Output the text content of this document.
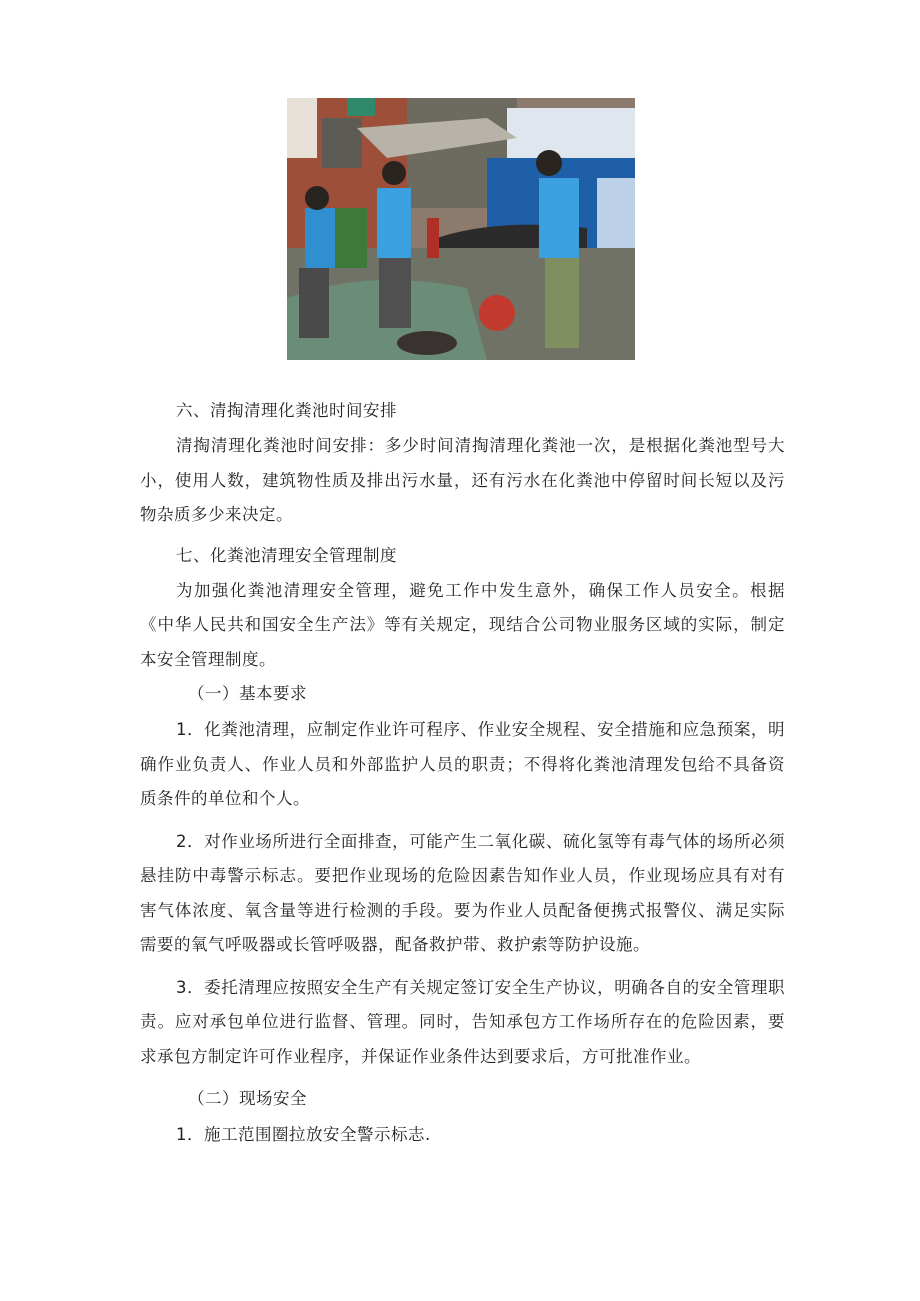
六、清掏清理化粪池时间安排

清掏清理化粪池时间安排：多少时间清掏清理化粪池一次，是根据化粪池型号大小，使用人数，建筑物性质及排出污水量，还有污水在化粪池中停留时间长短以及污物杂质多少来决定。

七、化粪池清理安全管理制度

为加强化粪池清理安全管理，避免工作中发生意外，确保工作人员安全。根据《中华人民共和国安全生产法》等有关规定，现结合公司物业服务区域的实际，制定本安全管理制度。

（一）基本要求

1．化粪池清理，应制定作业许可程序、作业安全规程、安全措施和应急预案，明确作业负责人、作业人员和外部监护人员的职责；不得将化粪池清理发包给不具备资质条件的单位和个人。

2．对作业场所进行全面排查，可能产生二氧化碳、硫化氢等有毒气体的场所必须悬挂防中毒警示标志。要把作业现场的危险因素告知作业人员，作业现场应具有对有害气体浓度、氧含量等进行检测的手段。要为作业人员配备便携式报警仪、满足实际需要的氧气呼吸器或长管呼吸器，配备救护带、救护索等防护设施。

3．委托清理应按照安全生产有关规定签订安全生产协议，明确各自的安全管理职责。应对承包单位进行监督、管理。同时，告知承包方工作场所存在的危险因素，要求承包方制定许可作业程序，并保证作业条件达到要求后，方可批准作业。

（二）现场安全

1．施工范围圈拉放安全警示标志.
